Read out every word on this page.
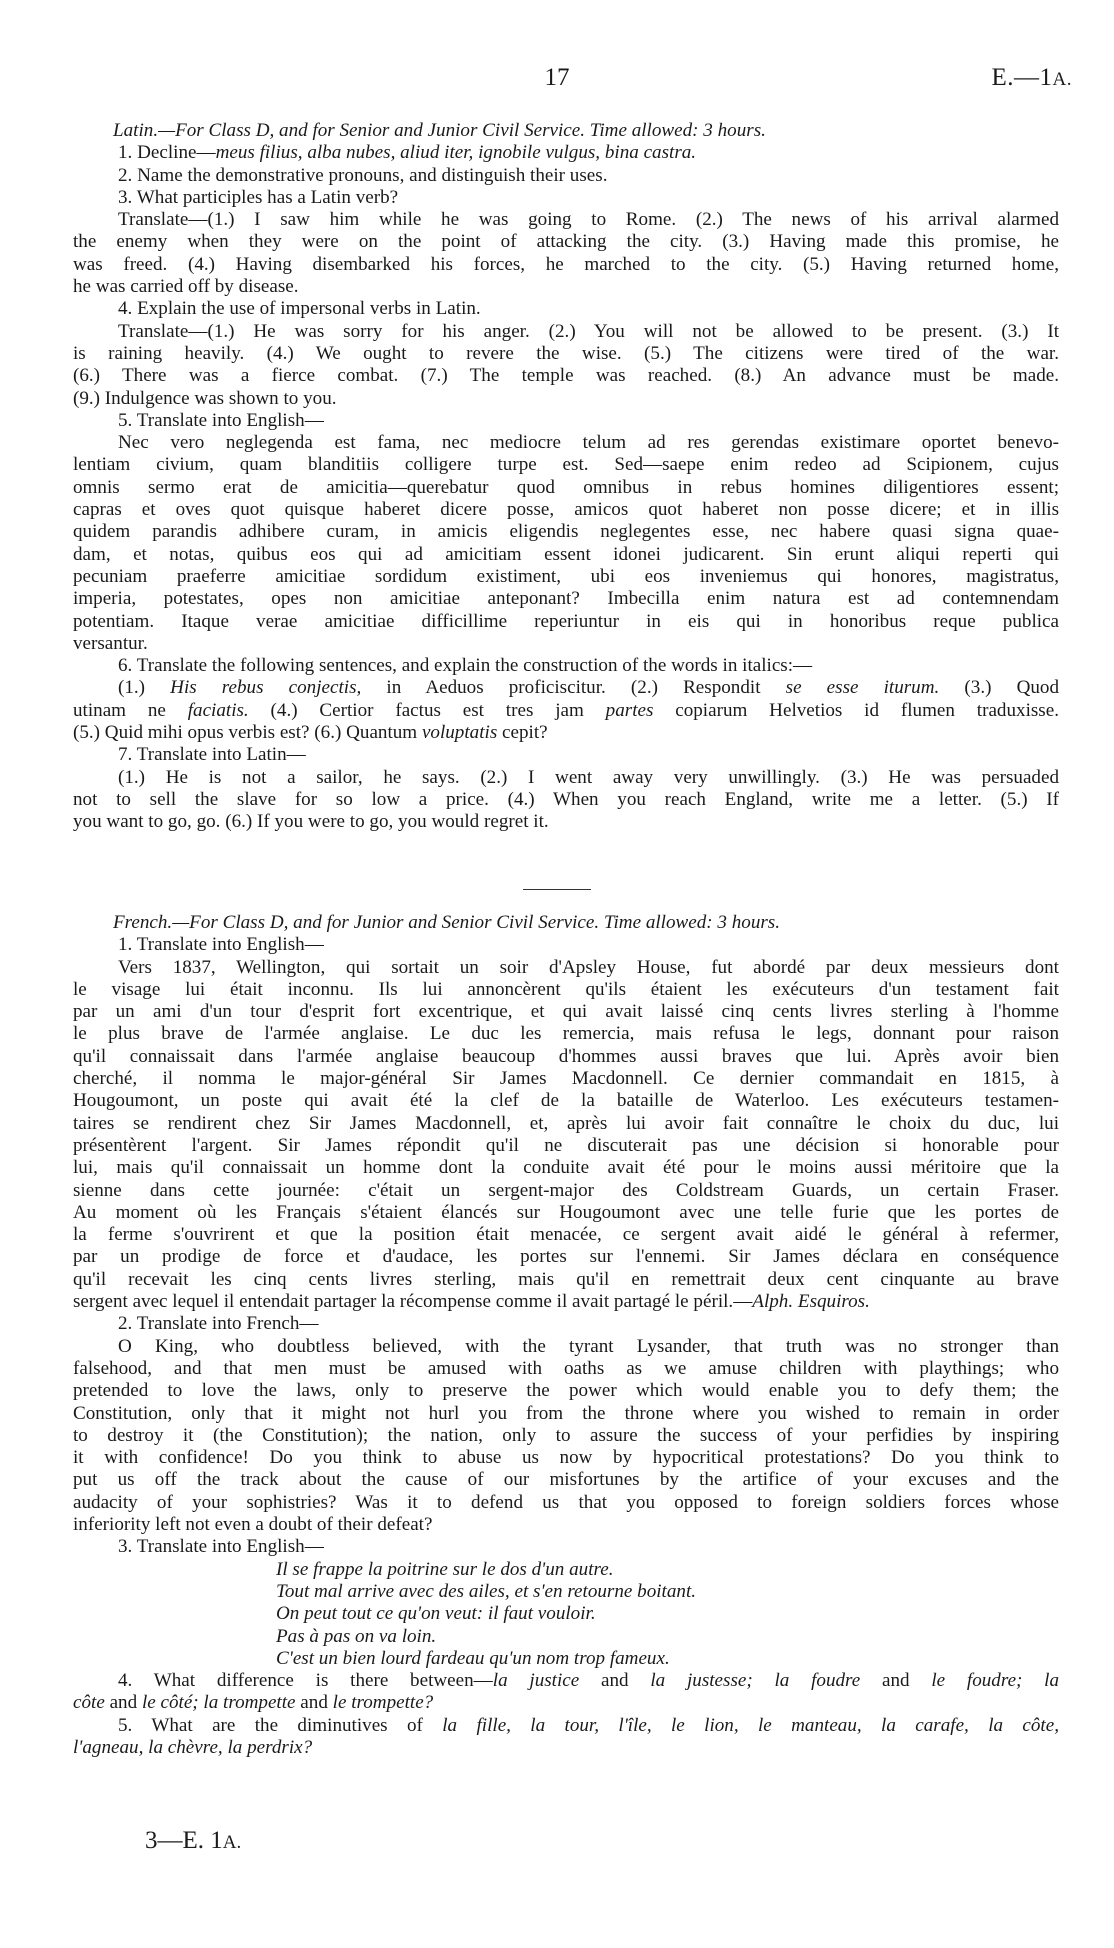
17	E.—1A.

Latin.—For Class D, and for Senior and Junior Civil Service. Time allowed: 3 hours.

1. Decline—meus filius, alba nubes, aliud iter, ignobile vulgus, bina castra.

2. Name the demonstrative pronouns, and distinguish their uses.

3. What participles has a Latin verb?

Translate—(1.) I saw him while he was going to Rome. (2.) The news of his arrival alarmed
the enemy when they were on the point of attacking the city. (3.) Having made this promise, he
was freed. (4.) Having disembarked his forces, he marched to the city. (5.) Having returned home,
he was carried off by disease.

4. Explain the use of impersonal verbs in Latin.

Translate—(1.) He was sorry for his anger. (2.) You will not be allowed to be present. (3.) It
is raining heavily. (4.) We ought to revere the wise. (5.) The citizens were tired of the war.
(6.) There was a fierce combat. (7.) The temple was reached. (8.) An advance must be made.
(9.) Indulgence was shown to you.

5. Translate into English—

Nec vero neglegenda est fama, nec mediocre telum ad res gerendas existimare oportet benevo-
lentiam civium, quam blanditiis colligere turpe est. Sed—saepe enim redeo ad Scipionem, cujus
omnis sermo erat de amicitia—querebatur quod omnibus in rebus homines diligentiores essent;
capras et oves quot quisque haberet dicere posse, amicos quot haberet non posse dicere; et in illis
quidem parandis adhibere curam, in amicis eligendis neglegentes esse, nec habere quasi signa quae-
dam, et notas, quibus eos qui ad amicitiam essent idonei judicarent. Sin erunt aliqui reperti qui
pecuniam praeferre amicitiae sordidum existiment, ubi eos inveniemus qui honores, magistratus,
imperia, potestates, opes non amicitiae anteponant? Imbecilla enim natura est ad contemnendam
potentiam. Itaque verae amicitiae difficillime reperiuntur in eis qui in honoribus reque publica
versantur.

6. Translate the following sentences, and explain the construction of the words in italics:—

(1.) His rebus conjectis, in Aeduos proficiscitur. (2.) Respondit se esse iturum. (3.) Quod
utinam ne faciatis. (4.) Certior factus est tres jam partes copiarum Helvetios id flumen traduxisse.
(5.) Quid mihi opus verbis est? (6.) Quantum voluptatis cepit?

7. Translate into Latin—

(1.) He is not a sailor, he says. (2.) I went away very unwillingly. (3.) He was persuaded
not to sell the slave for so low a price. (4.) When you reach England, write me a letter. (5.) If
you want to go, go. (6.) If you were to go, you would regret it.

French.—For Class D, and for Junior and Senior Civil Service. Time allowed: 3 hours.

1. Translate into English—

Vers 1837, Wellington, qui sortait un soir d'Apsley House, fut abordé par deux messieurs dont
le visage lui était inconnu. Ils lui annoncèrent qu'ils étaient les exécuteurs d'un testament fait
par un ami d'un tour d'esprit fort excentrique, et qui avait laissé cinq cents livres sterling à l'homme
le plus brave de l'armée anglaise. Le duc les remercia, mais refusa le legs, donnant pour raison
qu'il connaissait dans l'armée anglaise beaucoup d'hommes aussi braves que lui. Après avoir bien
cherché, il nomma le major-général Sir James Macdonnell. Ce dernier commandait en 1815, à
Hougoumont, un poste qui avait été la clef de la bataille de Waterloo. Les exécuteurs testamen-
taires se rendirent chez Sir James Macdonnell, et, après lui avoir fait connaître le choix du duc, lui
présentèrent l'argent. Sir James répondit qu'il ne discuterait pas une décision si honorable pour
lui, mais qu'il connaissait un homme dont la conduite avait été pour le moins aussi méritoire que la
sienne dans cette journée: c'était un sergent-major des Coldstream Guards, un certain Fraser.
Au moment où les Français s'étaient élancés sur Hougoumont avec une telle furie que les portes de
la ferme s'ouvrirent et que la position était menacée, ce sergent avait aidé le général à refermer,
par un prodige de force et d'audace, les portes sur l'ennemi. Sir James déclara en conséquence
qu'il recevait les cinq cents livres sterling, mais qu'il en remettrait deux cent cinquante au brave
sergent avec lequel il entendait partager la récompense comme il avait partagé le péril.—Alph. Esquiros.

2. Translate into French—

O King, who doubtless believed, with the tyrant Lysander, that truth was no stronger than
falsehood, and that men must be amused with oaths as we amuse children with playthings; who
pretended to love the laws, only to preserve the power which would enable you to defy them; the
Constitution, only that it might not hurl you from the throne where you wished to remain in order
to destroy it (the Constitution); the nation, only to assure the success of your perfidies by inspiring
it with confidence! Do you think to abuse us now by hypocritical protestations? Do you think to
put us off the track about the cause of our misfortunes by the artifice of your excuses and the
audacity of your sophistries? Was it to defend us that you opposed to foreign soldiers forces whose
inferiority left not even a doubt of their defeat?

3. Translate into English—

Il se frappe la poitrine sur le dos d'un autre.

Tout mal arrive avec des ailes, et s'en retourne boitant.

On peut tout ce qu'on veut: il faut vouloir.

Pas à pas on va loin.

C'est un bien lourd fardeau qu'un nom trop fameux.

4. What difference is there between—la justice and la justesse; la foudre and le foudre; la
côte and le côté; la trompette and le trompette?

5. What are the diminutives of la fille, la tour, l'île, le lion, le manteau, la carafe, la côte,
l'agneau, la chèvre, la perdrix?

3—E. 1A.
